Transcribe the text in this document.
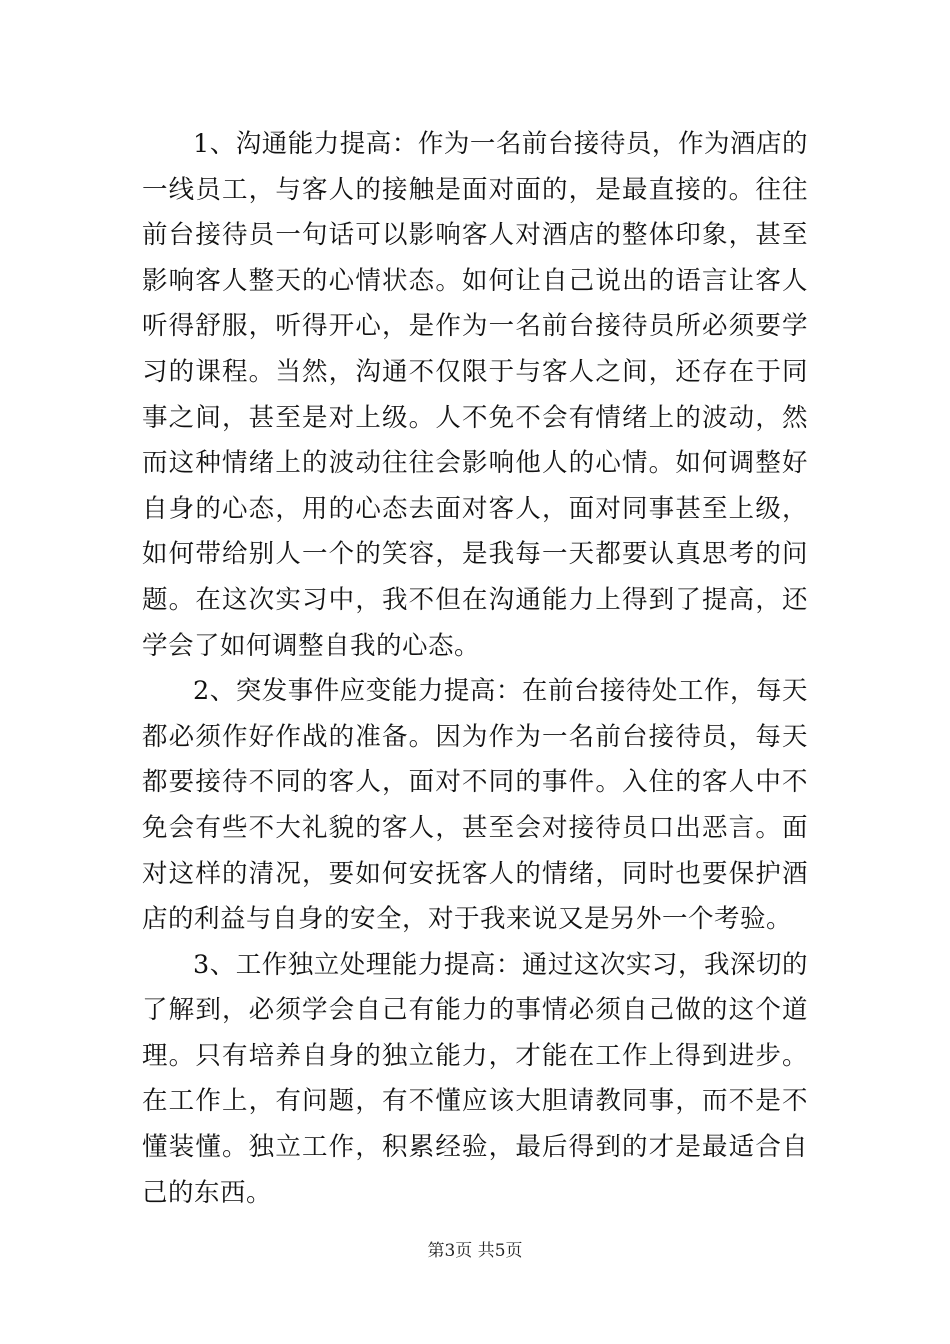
1、沟通能力提高：作为一名前台接待员，作为酒店的一线员工，与客人的接触是面对面的，是最直接的。往往前台接待员一句话可以影响客人对酒店的整体印象，甚至影响客人整天的心情状态。如何让自己说出的语言让客人听得舒服，听得开心，是作为一名前台接待员所必须要学习的课程。当然，沟通不仅限于与客人之间，还存在于同事之间，甚至是对上级。人不免不会有情绪上的波动，然而这种情绪上的波动往往会影响他人的心情。如何调整好自身的心态，用的心态去面对客人，面对同事甚至上级，如何带给别人一个的笑容，是我每一天都要认真思考的问题。在这次实习中，我不但在沟通能力上得到了提高，还学会了如何调整自我的心态。

2、突发事件应变能力提高：在前台接待处工作，每天都必须作好作战的准备。因为作为一名前台接待员，每天都要接待不同的客人，面对不同的事件。入住的客人中不免会有些不大礼貌的客人，甚至会对接待员口出恶言。面对这样的清况，要如何安抚客人的情绪，同时也要保护酒店的利益与自身的安全，对于我来说又是另外一个考验。

3、工作独立处理能力提高：通过这次实习，我深切的了解到，必须学会自己有能力的事情必须自己做的这个道理。只有培养自身的独立能力，才能在工作上得到进步。在工作上，有问题，有不懂应该大胆请教同事，而不是不懂装懂。独立工作，积累经验，最后得到的才是最适合自己的东西。

第3页 共5页
